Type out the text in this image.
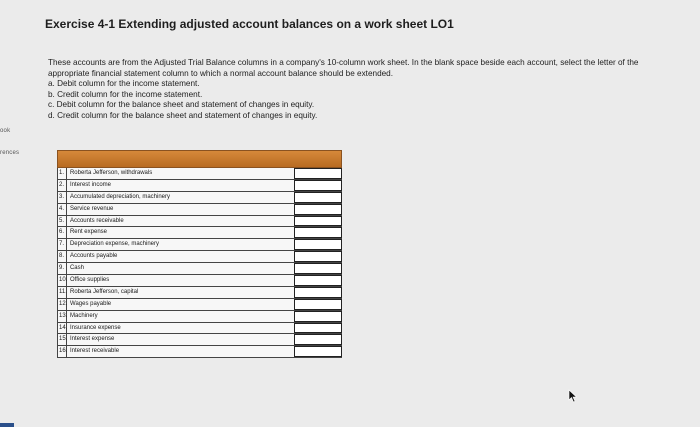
ook
rences
Exercise 4-1 Extending adjusted account balances on a work sheet LO1

These accounts are from the Adjusted Trial Balance columns in a company's 10-column work sheet. In the blank space beside each account, select the letter of the appropriate financial statement column to which a normal account balance should be extended.

a. Debit column for the income statement.

b. Credit column for the income statement.

c. Debit column for the balance sheet and statement of changes in equity.

d. Credit column for the balance sheet and statement of changes in equity.

1. Roberta Jefferson, withdrawals
2. Interest income
3. Accumulated depreciation, machinery
4. Service revenue
5. Accounts receivable
6. Rent expense
7. Depreciation expense, machinery
8. Accounts payable
9. Cash
10. Office supplies
11. Roberta Jefferson, capital
12. Wages payable
13. Machinery
14. Insurance expense
15. Interest expense
16. Interest receivable
